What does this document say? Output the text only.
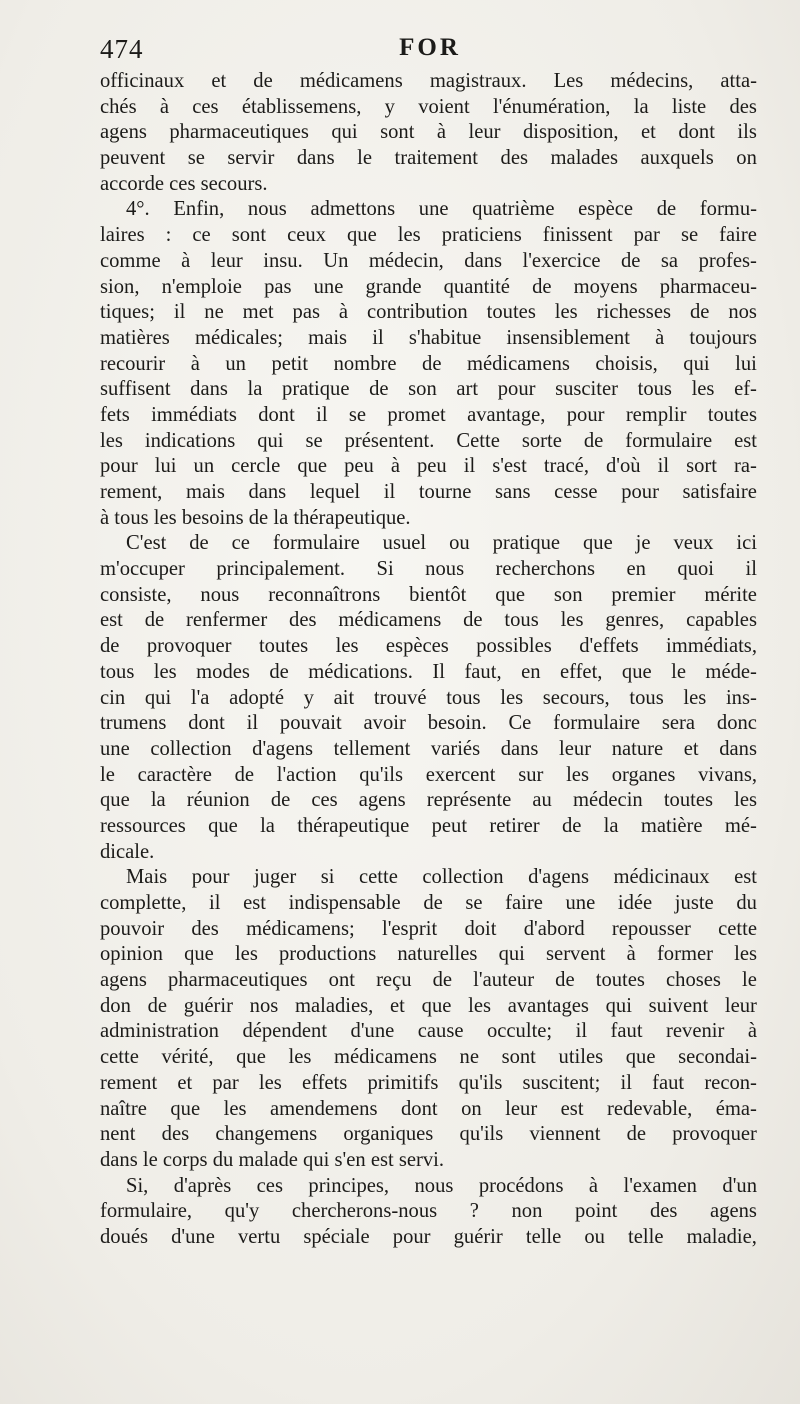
474	FOR
officinaux et de médicamens magistraux. Les médecins, atta-
chés à ces établissemens, y voient l'énumération, la liste des
agens pharmaceutiques qui sont à leur disposition, et dont ils
peuvent se servir dans le traitement des malades auxquels on
accorde ces secours.
4°. Enfin, nous admettons une quatrième espèce de formu-
laires : ce sont ceux que les praticiens finissent par se faire
comme à leur insu. Un médecin, dans l'exercice de sa profes-
sion, n'emploie pas une grande quantité de moyens pharmaceu-
tiques; il ne met pas à contribution toutes les richesses de nos
matières médicales; mais il s'habitue insensiblement à toujours
recourir à un petit nombre de médicamens choisis, qui lui
suffisent dans la pratique de son art pour susciter tous les ef-
fets immédiats dont il se promet avantage, pour remplir toutes
les indications qui se présentent. Cette sorte de formulaire est
pour lui un cercle que peu à peu il s'est tracé, d'où il sort ra-
rement, mais dans lequel il tourne sans cesse pour satisfaire
à tous les besoins de la thérapeutique.
C'est de ce formulaire usuel ou pratique que je veux ici
m'occuper principalement. Si nous recherchons en quoi il
consiste, nous reconnaîtrons bientôt que son premier mérite
est de renfermer des médicamens de tous les genres, capables
de provoquer toutes les espèces possibles d'effets immédiats,
tous les modes de médications. Il faut, en effet, que le méde-
cin qui l'a adopté y ait trouvé tous les secours, tous les ins-
trumens dont il pouvait avoir besoin. Ce formulaire sera donc
une collection d'agens tellement variés dans leur nature et dans
le caractère de l'action qu'ils exercent sur les organes vivans,
que la réunion de ces agens représente au médecin toutes les
ressources que la thérapeutique peut retirer de la matière mé-
dicale.
Mais pour juger si cette collection d'agens médicinaux est
complette, il est indispensable de se faire une idée juste du
pouvoir des médicamens; l'esprit doit d'abord repousser cette
opinion que les productions naturelles qui servent à former les
agens pharmaceutiques ont reçu de l'auteur de toutes choses le
don de guérir nos maladies, et que les avantages qui suivent leur
administration dépendent d'une cause occulte; il faut revenir à
cette vérité, que les médicamens ne sont utiles que secondai-
rement et par les effets primitifs qu'ils suscitent; il faut recon-
naître que les amendemens dont on leur est redevable, éma-
nent des changemens organiques qu'ils viennent de provoquer
dans le corps du malade qui s'en est servi.
Si, d'après ces principes, nous procédons à l'examen d'un
formulaire, qu'y chercherons-nous ? non point des agens
doués d'une vertu spéciale pour guérir telle ou telle maladie,
